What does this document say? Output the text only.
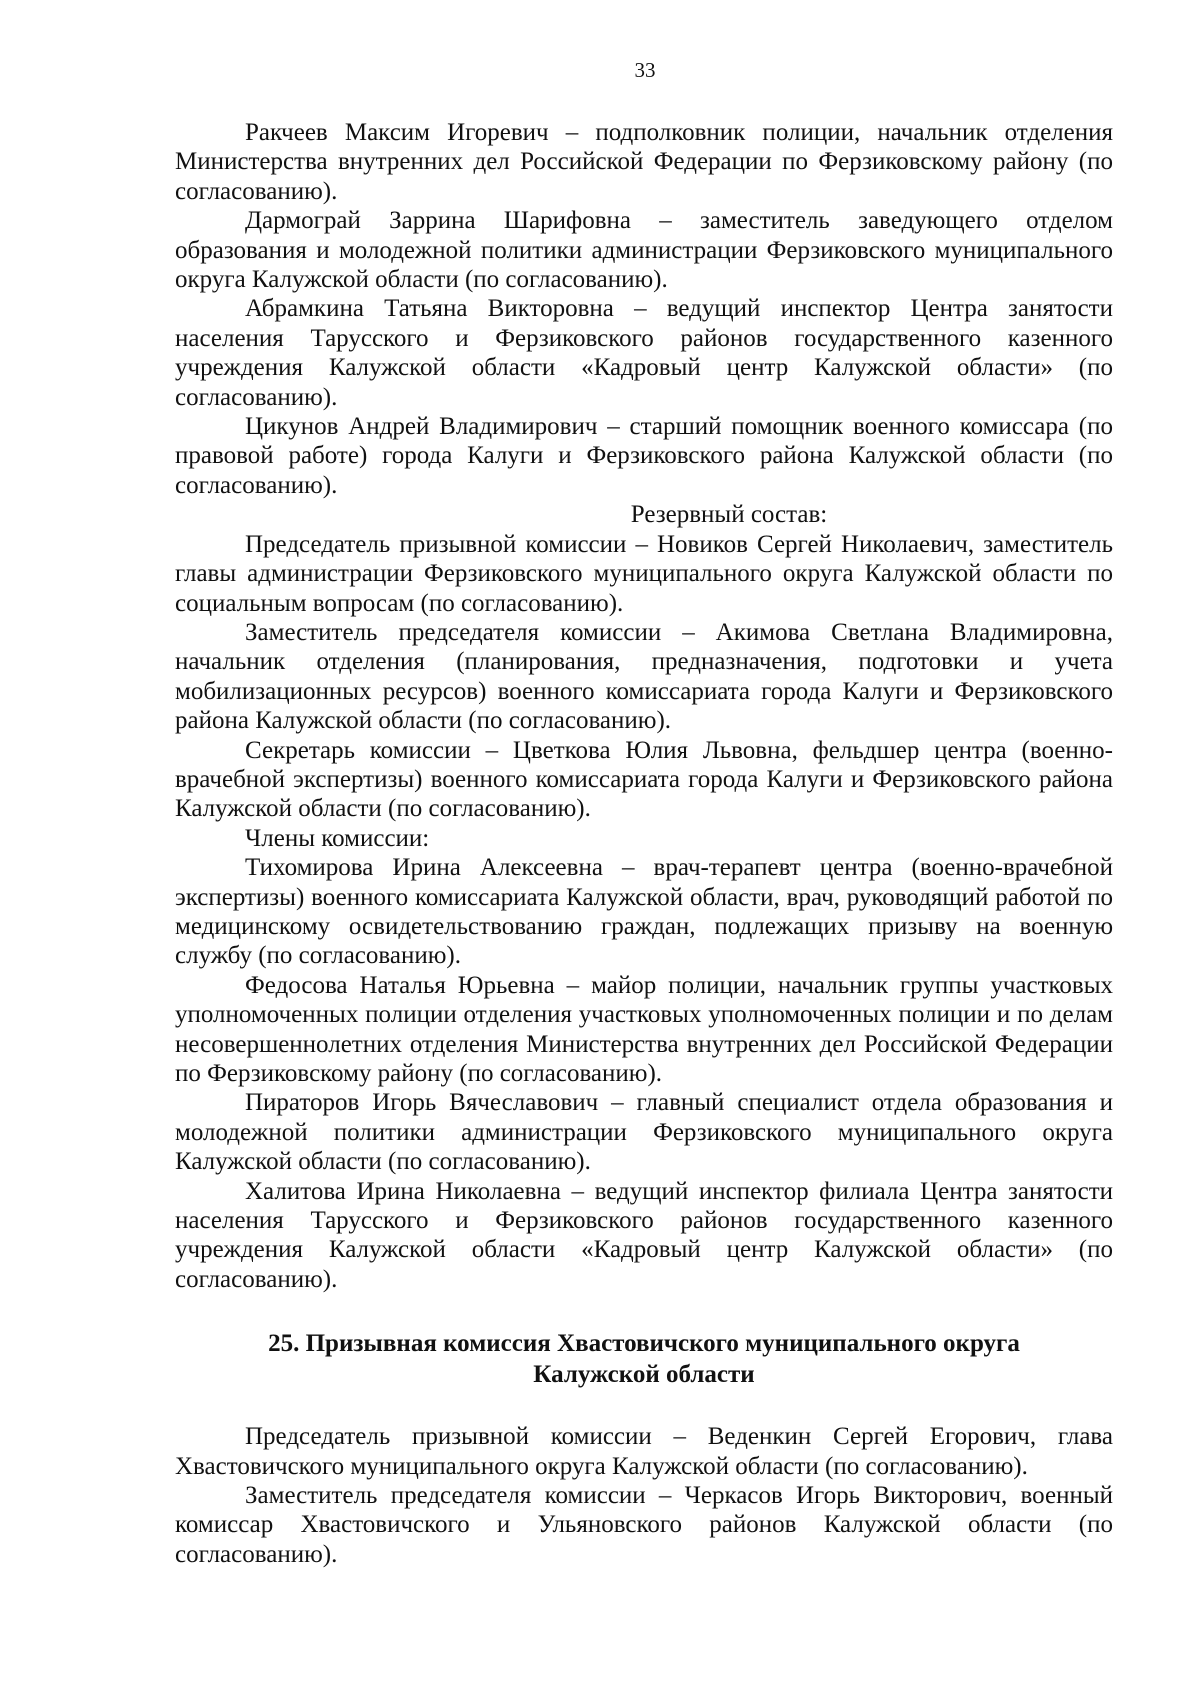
33

Ракчеев Максим Игоревич – подполковник полиции, начальник отделения Министерства внутренних дел Российской Федерации по Ферзиковскому району (по согласованию).

Дармограй Заррина Шарифовна – заместитель заведующего отделом образования и молодежной политики администрации Ферзиковского муниципального округа Калужской области (по согласованию).

Абрамкина Татьяна Викторовна – ведущий инспектор Центра занятости населения Тарусского и Ферзиковского районов государственного казенного учреждения Калужской области «Кадровый центр Калужской области» (по согласованию).

Цикунов Андрей Владимирович – старший помощник военного комиссара (по правовой работе) города Калуги и Ферзиковского района Калужской области (по согласованию).

Резервный состав:

Председатель призывной комиссии – Новиков Сергей Николаевич, заместитель главы администрации Ферзиковского муниципального округа Калужской области по социальным вопросам (по согласованию).

Заместитель председателя комиссии – Акимова Светлана Владимировна, начальник отделения (планирования, предназначения, подготовки и учета мобилизационных ресурсов) военного комиссариата города Калуги и Ферзиковского района Калужской области (по согласованию).

Секретарь комиссии – Цветкова Юлия Львовна, фельдшер центра (военно-врачебной экспертизы) военного комиссариата города Калуги и Ферзиковского района Калужской области (по согласованию).

Члены комиссии:

Тихомирова Ирина Алексеевна – врач-терапевт центра (военно-врачебной экспертизы) военного комиссариата Калужской области, врач, руководящий работой по медицинскому освидетельствованию граждан, подлежащих призыву на военную службу (по согласованию).

Федосова Наталья Юрьевна – майор полиции, начальник группы участковых уполномоченных полиции отделения участковых уполномоченных полиции и по делам несовершеннолетних отделения Министерства внутренних дел Российской Федерации по Ферзиковскому району (по согласованию).

Пираторов Игорь Вячеславович – главный специалист отдела образования и молодежной политики администрации Ферзиковского муниципального округа Калужской области (по согласованию).

Халитова Ирина Николаевна – ведущий инспектор филиала Центра занятости населения Тарусского и Ферзиковского районов государственного казенного учреждения Калужской области «Кадровый центр Калужской области» (по согласованию).

25. Призывная комиссия Хвастовичского муниципального округа
Калужской области

Председатель призывной комиссии – Веденкин Сергей Егорович, глава Хвастовичского муниципального округа Калужской области (по согласованию).

Заместитель председателя комиссии – Черкасов Игорь Викторович, военный комиссар Хвастовичского и Ульяновского районов Калужской области (по согласованию).
